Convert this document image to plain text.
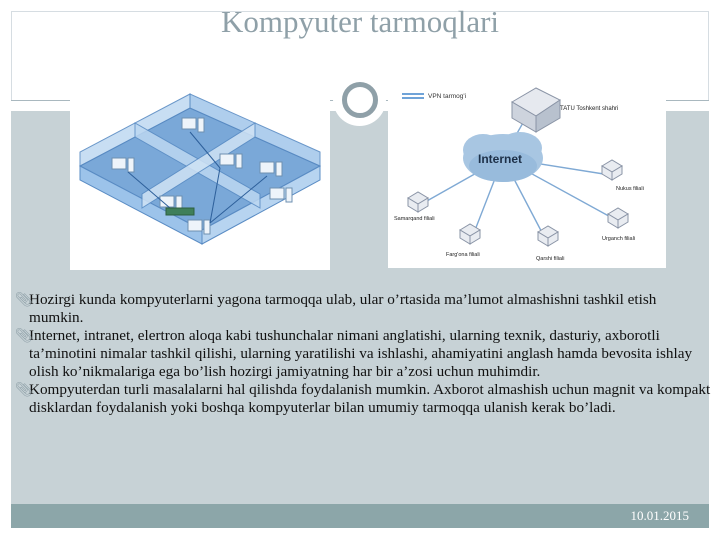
Kompyuter tarmoqlari
10.01.2015
VPN tarmog'i
Internet
TATU Toshkent shahri
Nukus filiali
Samarqand filiali
Urganch filiali
Farg'ona filiali
Qarshi filiali
📎︎
Hozirgi kunda kompyuterlarni yagona tarmoqqa ulab, ular o’rtasida ma’lumot almashishni tashkil etish mumkin.
📎︎
Internet, intranet, elertron aloqa kabi tushunchalar nimani anglatishi, ularning texnik, dasturiy, axborotli ta’minotini nimalar tashkil qilishi, ularning yaratilishi va ishlashi, ahamiyatini anglash hamda bevosita ishlay olish ko’nikmalariga ega bo’lish hozirgi jamiyatning har bir a’zosi uchun muhimdir.
📎︎
Kompyuterdan turli masalalarni hal qilishda foydalanish mumkin. Axborot almashish uchun magnit va kompakt disklardan foydalanish yoki boshqa kompyuterlar bilan umumiy tarmoqqa ulanish kerak bo’ladi.
